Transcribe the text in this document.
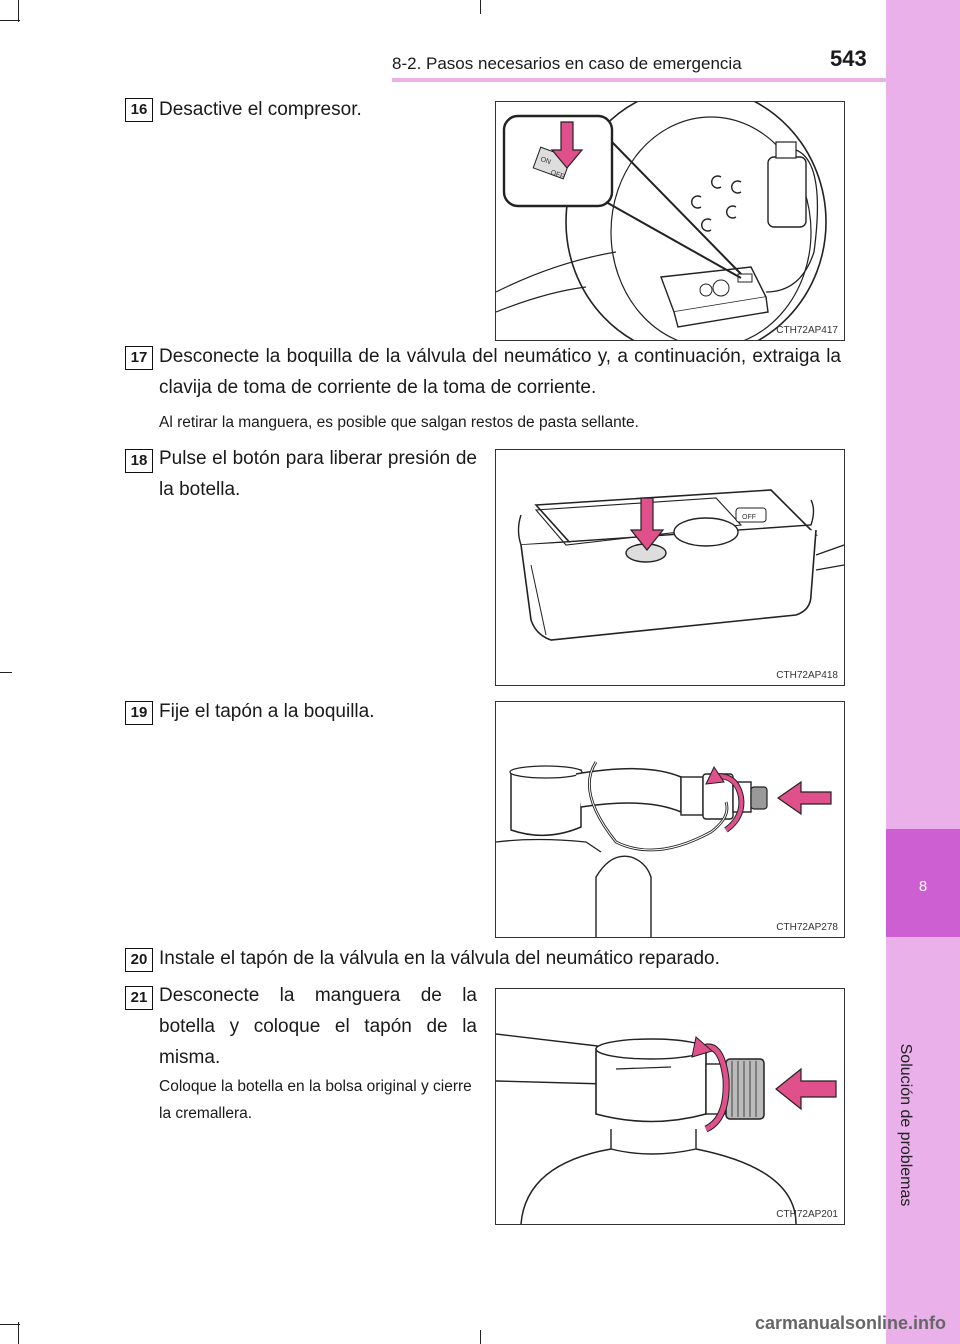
8
Solución de problemas
8-2. Pasos necesarios en caso de emergencia	543
16 Desactive el compresor.
ON
OFF
CTH72AP417
17 Desconecte la boquilla de la válvula del neumático y, a continuación, extraiga la clavija de toma de corriente de la toma de corriente.
Al retirar la manguera, es posible que salgan restos de pasta sellante.
18 Pulse el botón para liberar presión de la botella.
OFF
CTH72AP418
19 Fije el tapón a la boquilla.
CTH72AP278
20 Instale el tapón de la válvula en la válvula del neumático reparado.
21 Desconecte la manguera de la botella y coloque el tapón de la misma.
Coloque la botella en la bolsa original y cierre la cremallera.
CTH72AP201
carmanualsonline.info
